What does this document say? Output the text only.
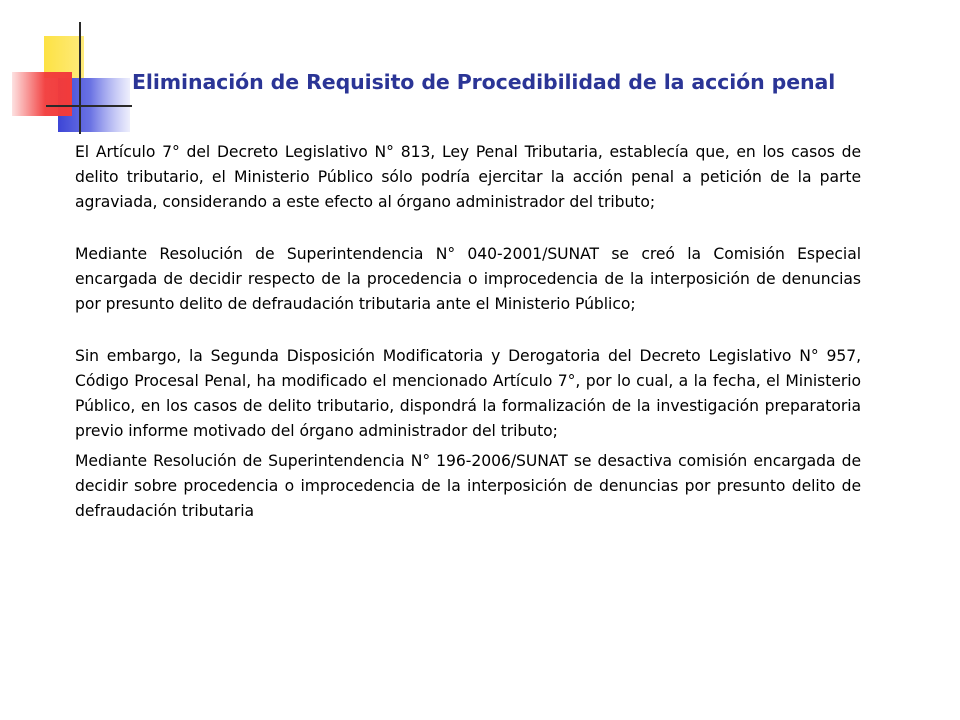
Eliminación de Requisito de Procedibilidad de la acción penal

El Artículo 7° del Decreto Legislativo N° 813, Ley Penal Tributaria, establecía que, en los casos de delito tributario, el Ministerio Público sólo podría ejercitar la acción penal a petición de la parte agraviada, considerando a este efecto al órgano administrador del tributo;

Mediante Resolución de Superintendencia N° 040-2001/SUNAT se creó la Comisión Especial encargada de decidir respecto de la procedencia o improcedencia de la interposición de denuncias por presunto delito de defraudación tributaria ante el Ministerio Público;

Sin embargo, la Segunda Disposición Modificatoria y Derogatoria del Decreto Legislativo N° 957, Código Procesal Penal, ha modificado el mencionado Artículo 7°, por lo cual, a la fecha, el Ministerio Público, en los casos de delito tributario, dispondrá la formalización de la investigación preparatoria previo informe motivado del órgano administrador del tributo;

Mediante Resolución de Superintendencia N° 196-2006/SUNAT se desactiva comisión encargada de decidir sobre procedencia o improcedencia de la interposición de denuncias por presunto delito de defraudación tributaria
